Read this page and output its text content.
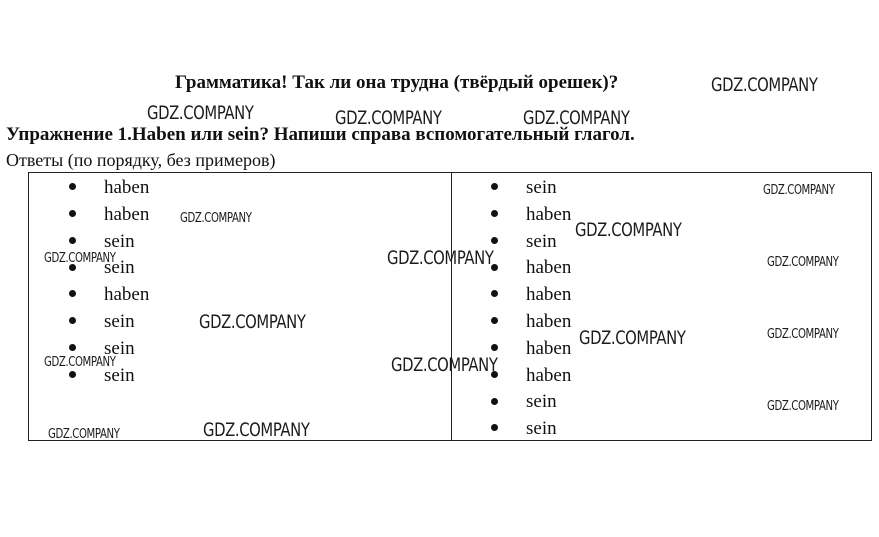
Грамматика! Так ли она трудна (твёрдый орешек)?
Упражнение 1.Haben или sein? Напиши справа вспомогательный глагол.
Ответы (по порядку, без примеров)
haben
haben
sein
sein
haben
sein
sein
sein
sein
haben
sein
haben
haben
haben
haben
haben
sein
sein
GDZ.COMPANY
GDZ.COMPANY	GDZ.COMPANY	GDZ.COMPANY
GDZ.COMPANY
GDZ.COMPANY
GDZ.COMPANY
GDZ.COMPANY	GDZ.COMPANY	GDZ.COMPANY
GDZ.COMPANY
GDZ.COMPANY	GDZ.COMPANY
GDZ.COMPANY	GDZ.COMPANY
GDZ.COMPANY
GDZ.COMPANY	GDZ.COMPANY
